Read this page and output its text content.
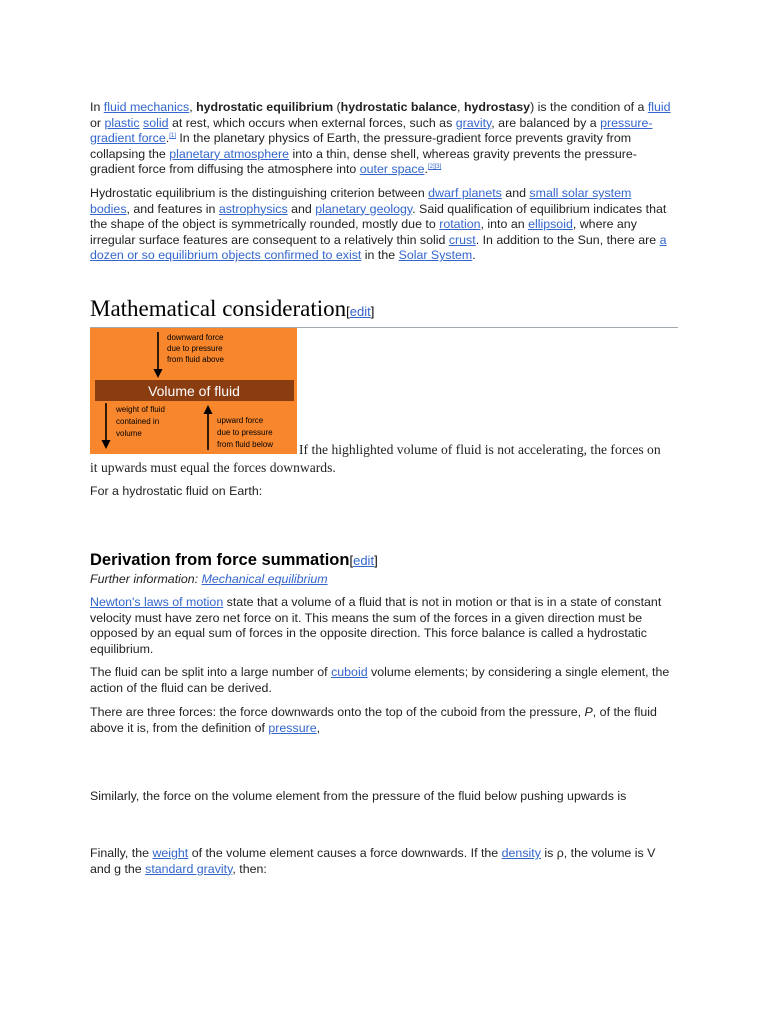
In fluid mechanics, hydrostatic equilibrium (hydrostatic balance, hydrostasy) is the condition of a fluid or plastic solid at rest, which occurs when external forces, such as gravity, are balanced by a pressure-gradient force.[1] In the planetary physics of Earth, the pressure-gradient force prevents gravity from collapsing the planetary atmosphere into a thin, dense shell, whereas gravity prevents the pressure-gradient force from diffusing the atmosphere into outer space.[2][3]

Hydrostatic equilibrium is the distinguishing criterion between dwarf planets and small solar system bodies, and features in astrophysics and planetary geology. Said qualification of equilibrium indicates that the shape of the object is symmetrically rounded, mostly due to rotation, into an ellipsoid, where any irregular surface features are consequent to a relatively thin solid crust. In addition to the Sun, there are a dozen or so equilibrium objects confirmed to exist in the Solar System.

Mathematical consideration[edit]
downward force
due to pressure
from fluid above
Volume of fluid
weight of fluid
contained in
volume
upward force
due to pressure
from fluid below	If the highlighted volume of fluid is not accelerating, the forces on it upwards must equal the forces downwards.

For a hydrostatic fluid on Earth:

Derivation from force summation[edit]

Further information: Mechanical equilibrium

Newton's laws of motion state that a volume of a fluid that is not in motion or that is in a state of constant velocity must have zero net force on it. This means the sum of the forces in a given direction must be opposed by an equal sum of forces in the opposite direction. This force balance is called a hydrostatic equilibrium.

The fluid can be split into a large number of cuboid volume elements; by considering a single element, the action of the fluid can be derived.

There are three forces: the force downwards onto the top of the cuboid from the pressure, P, of the fluid above it is, from the definition of pressure,

Similarly, the force on the volume element from the pressure of the fluid below pushing upwards is

Finally, the weight of the volume element causes a force downwards. If the density is ρ, the volume is V and g the standard gravity, then:
